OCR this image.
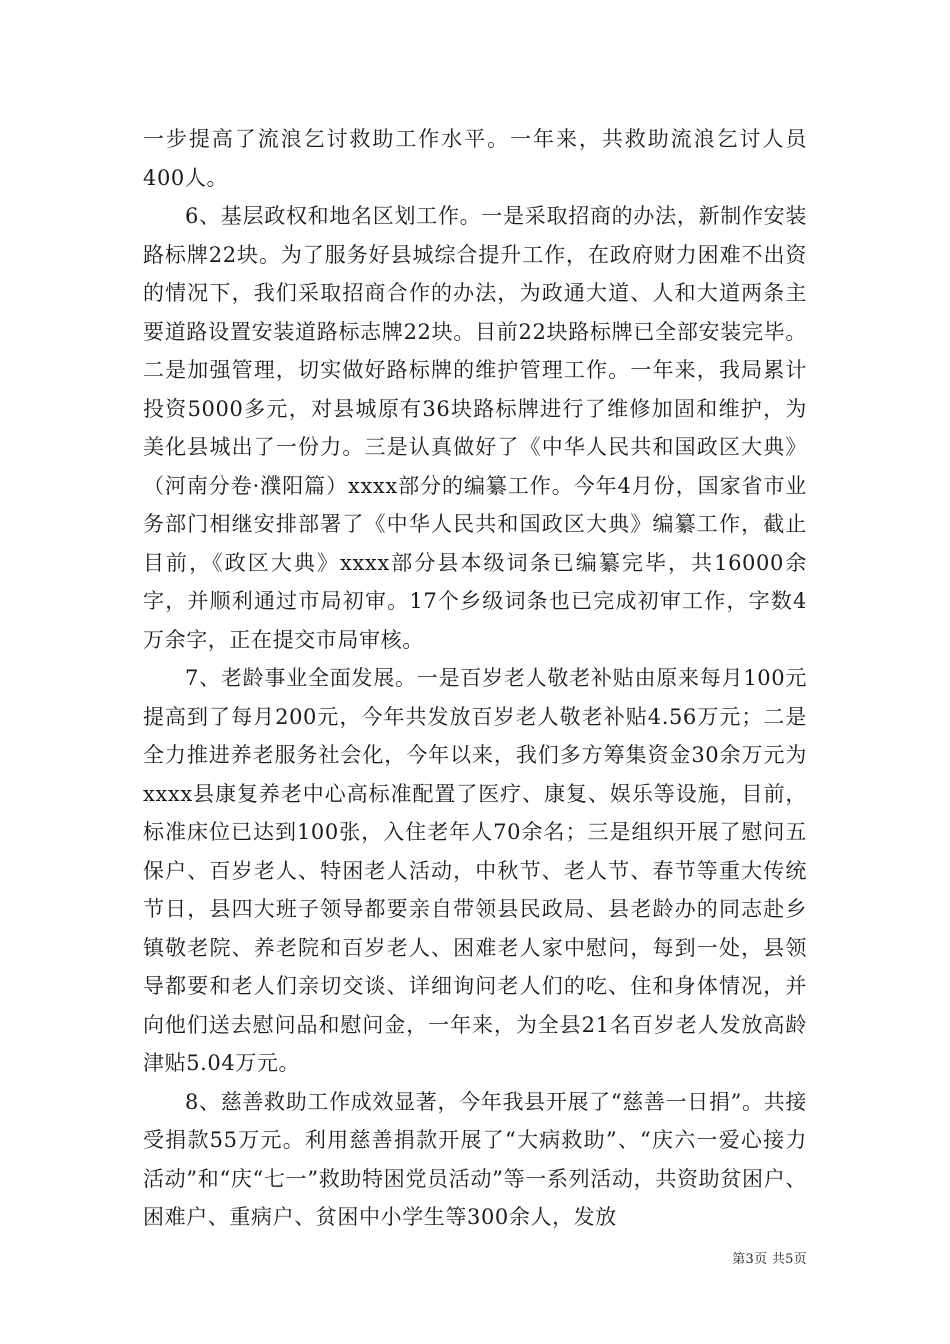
一步提高了流浪乞讨救助工作水平。一年来，共救助流浪乞讨人员400人。

6、基层政权和地名区划工作。一是采取招商的办法，新制作安装路标牌22块。为了服务好县城综合提升工作，在政府财力困难不出资的情况下，我们采取招商合作的办法，为政通大道、人和大道两条主要道路设置安装道路标志牌22块。目前22块路标牌已全部安装完毕。二是加强管理，切实做好路标牌的维护管理工作。一年来，我局累计投资5000多元，对县城原有36块路标牌进行了维修加固和维护，为美化县城出了一份力。三是认真做好了《中华人民共和国政区大典》（河南分卷·濮阳篇）xxxx部分的编纂工作。今年4月份，国家省市业务部门相继安排部署了《中华人民共和国政区大典》编纂工作，截止目前，《政区大典》xxxx部分县本级词条已编纂完毕，共16000余字，并顺利通过市局初审。17个乡级词条也已完成初审工作，字数4万余字，正在提交市局审核。

7、老龄事业全面发展。一是百岁老人敬老补贴由原来每月100元提高到了每月200元，今年共发放百岁老人敬老补贴4.56万元；二是全力推进养老服务社会化，今年以来，我们多方筹集资金30余万元为xxxx县康复养老中心高标准配置了医疗、康复、娱乐等设施，目前，标准床位已达到100张，入住老年人70余名；三是组织开展了慰问五保户、百岁老人、特困老人活动，中秋节、老人节、春节等重大传统节日，县四大班子领导都要亲自带领县民政局、县老龄办的同志赴乡镇敬老院、养老院和百岁老人、困难老人家中慰问，每到一处，县领导都要和老人们亲切交谈、详细询问老人们的吃、住和身体情况，并向他们送去慰问品和慰问金，一年来，为全县21名百岁老人发放高龄津贴5.04万元。

8、慈善救助工作成效显著，今年我县开展了“慈善一日捐”。共接受捐款55万元。利用慈善捐款开展了“大病救助”、“庆六一爱心接力活动”和“庆“七一”救助特困党员活动”等一系列活动，共资助贫困户、困难户、重病户、贫困中小学生等300余人，发放

第3页 共5页
